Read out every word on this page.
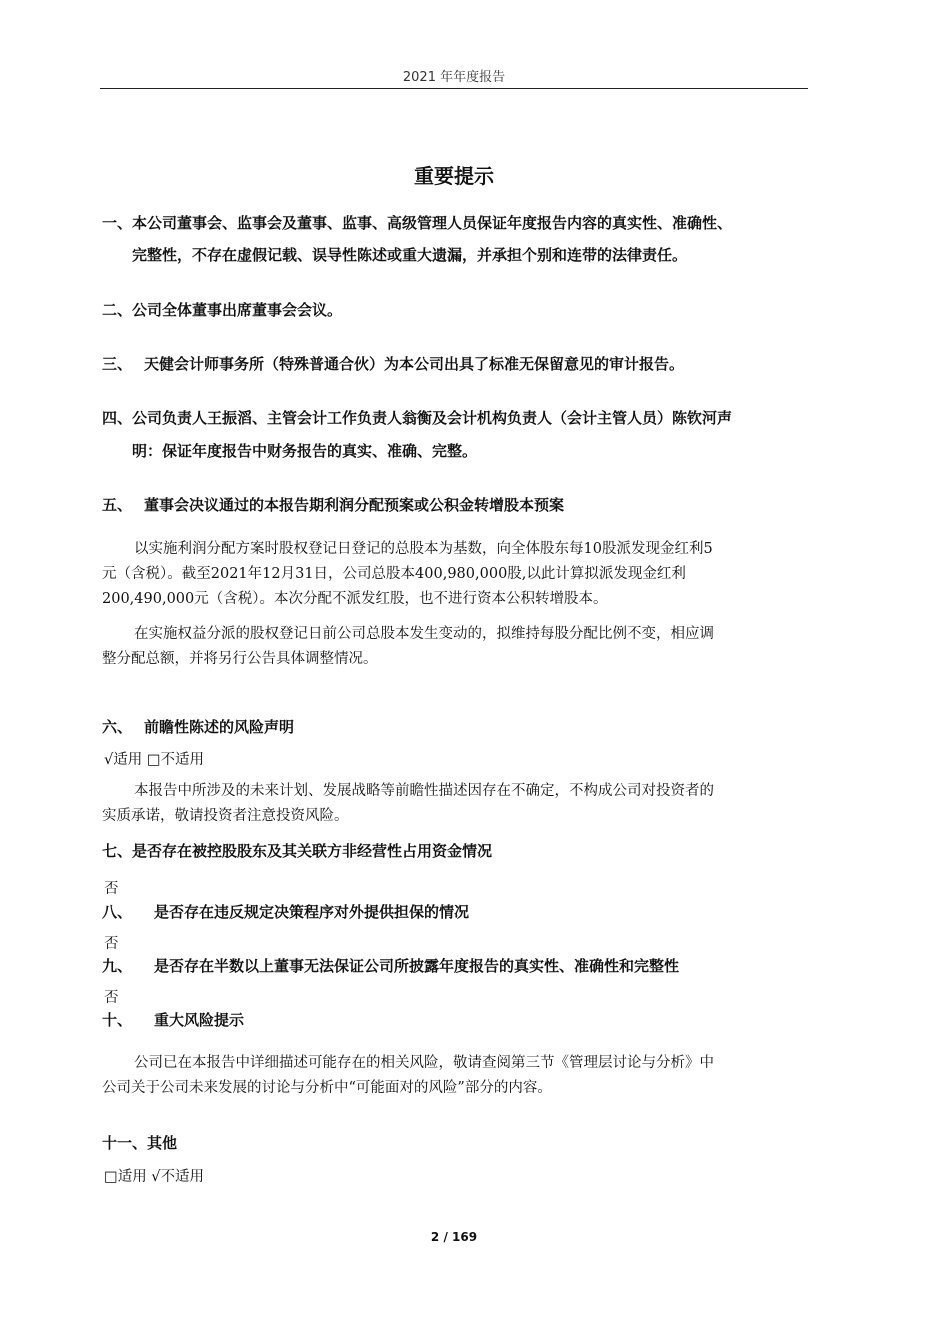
2021 年年度报告
重要提示
一、本公司董事会、监事会及董事、监事、高级管理人员保证年度报告内容的真实性、准确性、
完整性，不存在虚假记载、误导性陈述或重大遗漏，并承担个别和连带的法律责任。
二、公司全体董事出席董事会会议。
三、 天健会计师事务所（特殊普通合伙）为本公司出具了标准无保留意见的审计报告。
四、公司负责人王振滔、主管会计工作负责人翁衡及会计机构负责人（会计主管人员）陈钦河声
明：保证年度报告中财务报告的真实、准确、完整。
五、 董事会决议通过的本报告期利润分配预案或公积金转增股本预案
以实施利润分配方案时股权登记日登记的总股本为基数，向全体股东每10股派发现金红利5
元（含税）。截至2021年12月31日，公司总股本400,980,000股,以此计算拟派发现金红利
200,490,000元（含税）。本次分配不派发红股，也不进行资本公积转增股本。
在实施权益分派的股权登记日前公司总股本发生变动的，拟维持每股分配比例不变，相应调
整分配总额，并将另行公告具体调整情况。
六、 前瞻性陈述的风险声明
√适用 □不适用
本报告中所涉及的未来计划、发展战略等前瞻性描述因存在不确定，不构成公司对投资者的
实质承诺，敬请投资者注意投资风险。
七、是否存在被控股股东及其关联方非经营性占用资金情况
否
八、 是否存在违反规定决策程序对外提供担保的情况
否
九、 是否存在半数以上董事无法保证公司所披露年度报告的真实性、准确性和完整性
否
十、 重大风险提示
公司已在本报告中详细描述可能存在的相关风险，敬请查阅第三节《管理层讨论与分析》中
公司关于公司未来发展的讨论与分析中“可能面对的风险”部分的内容。
十一、其他
□适用 √不适用
2 / 169
